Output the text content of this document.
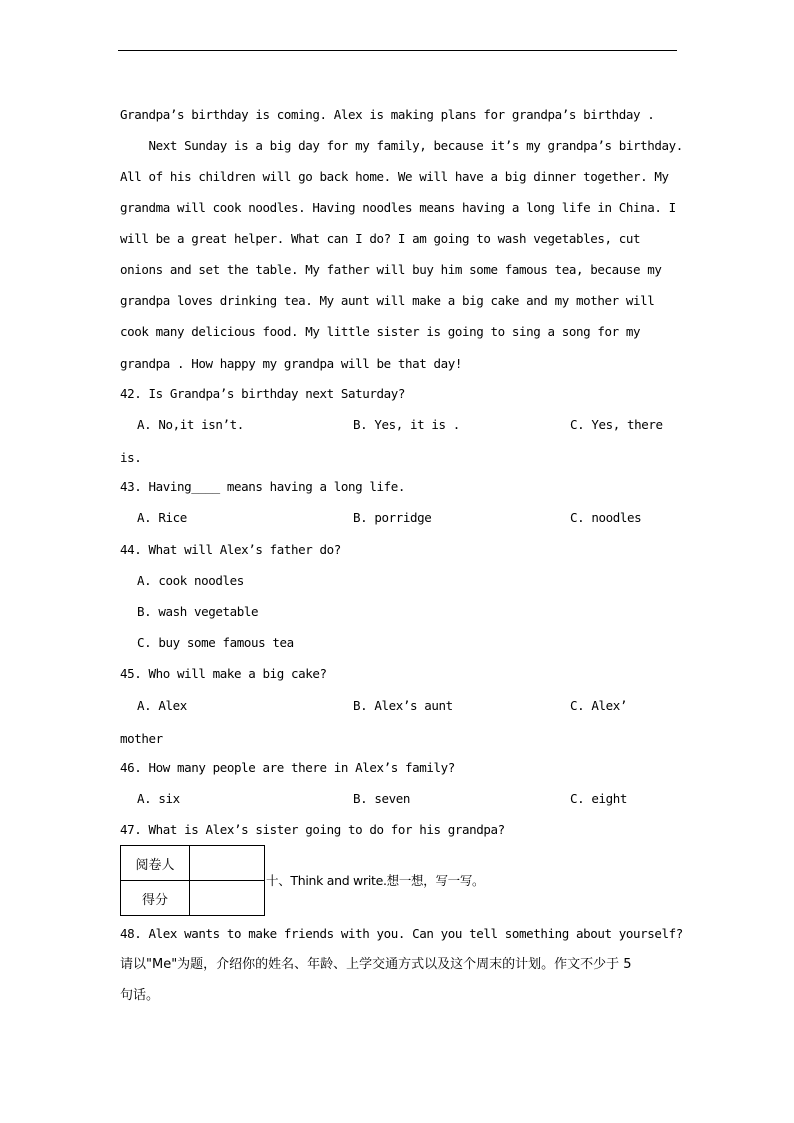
Grandpa’s birthday is coming. Alex is making plans for grandpa’s birthday .
Next Sunday is a big day for my family, because it’s my grandpa’s birthday.
All of his children will go back home. We will have a big dinner together. My
grandma will cook noodles. Having noodles means having a long life in China. I
will be a great helper. What can I do? I am going to wash vegetables, cut
onions and set the table. My father will buy him some famous tea, because my
grandpa loves drinking tea. My aunt will make a big cake and my mother will
cook many delicious food. My little sister is going to sing a song for my
grandpa . How happy my grandpa will be that day!
42. Is Grandpa’s birthday next Saturday?
A. No,it isn’t.	B. Yes, it is .	C. Yes, there
is.
43. Having____ means having a long life.
A. Rice	B. porridge	C. noodles
44. What will Alex’s father do?
A. cook noodles
B. wash vegetable
C. buy some famous tea
45. Who will make a big cake?
A. Alex	B. Alex’s aunt	C. Alex’
mother
46. How many people are there in Alex’s family?
A. six	B. seven	C. eight
47. What is Alex’s sister going to do for his grandpa?
阅卷人	
得分	
十、Think and write.想一想，写一写。
48. Alex wants to make friends with you. Can you tell something about yourself?
请以"Me"为题，介绍你的姓名、年龄、上学交通方式以及这个周末的计划。作文不少于 5
句话。
